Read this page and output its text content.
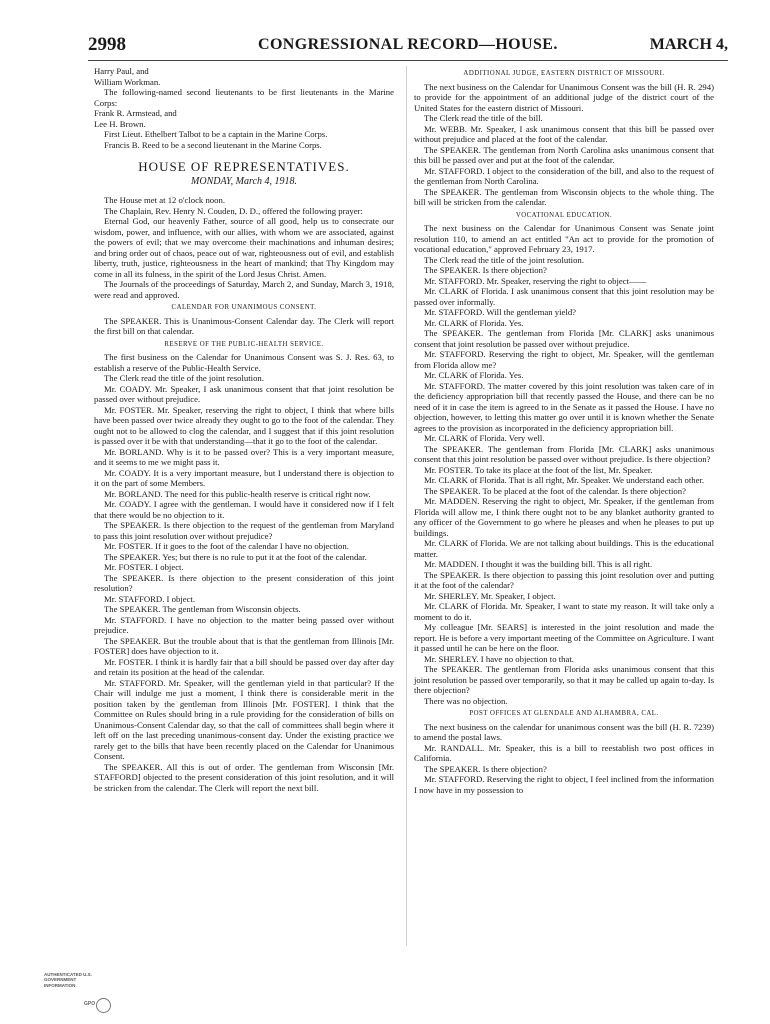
2998	CONGRESSIONAL RECORD—HOUSE.	MARCH 4,

Harry Paul, and

William Workman.

The following-named second lieutenants to be first lieutenants in the Marine Corps:

Frank R. Armstead, and

Lee H. Brown.

First Lieut. Ethelbert Talbot to be a captain in the Marine Corps.

Francis B. Reed to be a second lieutenant in the Marine Corps.

HOUSE OF REPRESENTATIVES.

MONDAY, March 4, 1918.

The House met at 12 o'clock noon.

The Chaplain, Rev. Henry N. Couden, D. D., offered the following prayer:

Eternal God, our heavenly Father, source of all good, help us to consecrate our wisdom, power, and influence, with our allies, with whom we are associated, against the powers of evil; that we may overcome their machinations and inhuman desires; and bring order out of chaos, peace out of war, righteousness out of evil, and establish liberty, truth, justice, righteousness in the heart of mankind; that Thy Kingdom may come in all its fulness, in the spirit of the Lord Jesus Christ. Amen.

The Journals of the proceedings of Saturday, March 2, and Sunday, March 3, 1918, were read and approved.

CALENDAR FOR UNANIMOUS CONSENT.

The SPEAKER. This is Unanimous-Consent Calendar day. The Clerk will report the first bill on that calendar.

RESERVE OF THE PUBLIC-HEALTH SERVICE.

The first business on the Calendar for Unanimous Consent was S. J. Res. 63, to establish a reserve of the Public-Health Service.

The Clerk read the title of the joint resolution.

Mr. COADY. Mr. Speaker, I ask unanimous consent that that joint resolution be passed over without prejudice.

Mr. FOSTER. Mr. Speaker, reserving the right to object, I think that where bills have been passed over twice already they ought to go to the foot of the calendar. They ought not to be allowed to clog the calendar, and I suggest that if this joint resolution is passed over it be with that understanding—that it go to the foot of the calendar.

Mr. BORLAND. Why is it to be passed over? This is a very important measure, and it seems to me we might pass it.

Mr. COADY. It is a very important measure, but I understand there is objection to it on the part of some Members.

Mr. BORLAND. The need for this public-health reserve is critical right now.

Mr. COADY. I agree with the gentleman. I would have it considered now if I felt that there would be no objection to it.

The SPEAKER. Is there objection to the request of the gentleman from Maryland to pass this joint resolution over without prejudice?

Mr. FOSTER. If it goes to the foot of the calendar I have no objection.

The SPEAKER. Yes; but there is no rule to put it at the foot of the calendar.

Mr. FOSTER. I object.

The SPEAKER. Is there objection to the present consideration of this joint resolution?

Mr. STAFFORD. I object.

The SPEAKER. The gentleman from Wisconsin objects.

Mr. STAFFORD. I have no objection to the matter being passed over without prejudice.

The SPEAKER. But the trouble about that is that the gentleman from Illinois [Mr. FOSTER] does have objection to it.

Mr. FOSTER. I think it is hardly fair that a bill should be passed over day after day and retain its position at the head of the calendar.

Mr. STAFFORD. Mr. Speaker, will the gentleman yield in that particular? If the Chair will indulge me just a moment, I think there is considerable merit in the position taken by the gentleman from Illinois [Mr. FOSTER]. I think that the Committee on Rules should bring in a rule providing for the consideration of bills on Unanimous-Consent Calendar day, so that the call of committees shall begin where it left off on the last preceding unanimous-consent day. Under the existing practice we rarely get to the bills that have been recently placed on the Calendar for Unanimous Consent.

The SPEAKER. All this is out of order. The gentleman from Wisconsin [Mr. STAFFORD] objected to the present consideration of this joint resolution, and it will be stricken from the calendar. The Clerk will report the next bill.

ADDITIONAL JUDGE, EASTERN DISTRICT OF MISSOURI.

The next business on the Calendar for Unanimous Consent was the bill (H. R. 294) to provide for the appointment of an additional judge of the district court of the United States for the eastern district of Missouri.

The Clerk read the title of the bill.

Mr. WEBB. Mr. Speaker, I ask unanimous consent that this bill be passed over without prejudice and placed at the foot of the calendar.

The SPEAKER. The gentleman from North Carolina asks unanimous consent that this bill be passed over and put at the foot of the calendar.

Mr. STAFFORD. I object to the consideration of the bill, and also to the request of the gentleman from North Carolina.

The SPEAKER. The gentleman from Wisconsin objects to the whole thing. The bill will be stricken from the calendar.

VOCATIONAL EDUCATION.

The next business on the Calendar for Unanimous Consent was Senate joint resolution 110, to amend an act entitled "An act to provide for the promotion of vocational education," approved February 23, 1917.

The Clerk read the title of the joint resolution.

The SPEAKER. Is there objection?

Mr. STAFFORD. Mr. Speaker, reserving the right to object——

Mr. CLARK of Florida. I ask unanimous consent that this joint resolution may be passed over informally.

Mr. STAFFORD. Will the gentleman yield?

Mr. CLARK of Florida. Yes.

The SPEAKER. The gentleman from Florida [Mr. CLARK] asks unanimous consent that joint resolution be passed over without prejudice.

Mr. STAFFORD. Reserving the right to object, Mr. Speaker, will the gentleman from Florida allow me?

Mr. CLARK of Florida. Yes.

Mr. STAFFORD. The matter covered by this joint resolution was taken care of in the deficiency appropriation bill that recently passed the House, and there can be no need of it in case the item is agreed to in the Senate as it passed the House. I have no objection, however, to letting this matter go over until it is known whether the Senate agrees to the provision as incorporated in the deficiency appropriation bill.

Mr. CLARK of Florida. Very well.

The SPEAKER. The gentleman from Florida [Mr. CLARK] asks unanimous consent that this joint resolution be passed over without prejudice. Is there objection?

Mr. FOSTER. To take its place at the foot of the list, Mr. Speaker.

Mr. CLARK of Florida. That is all right, Mr. Speaker. We understand each other.

The SPEAKER. To be placed at the foot of the calendar. Is there objection?

Mr. MADDEN. Reserving the right to object, Mr. Speaker, if the gentleman from Florida will allow me, I think there ought not to be any blanket authority granted to any officer of the Government to go where he pleases and when he pleases to put up buildings.

Mr. CLARK of Florida. We are not talking about buildings. This is the educational matter.

Mr. MADDEN. I thought it was the building bill. This is all right.

The SPEAKER. Is there objection to passing this joint resolution over and putting it at the foot of the calendar?

Mr. SHERLEY. Mr. Speaker, I object.

Mr. CLARK of Florida. Mr. Speaker, I want to state my reason. It will take only a moment to do it.

My colleague [Mr. SEARS] is interested in the joint resolution and made the report. He is before a very important meeting of the Committee on Agriculture. I want it passed until he can be here on the floor.

Mr. SHERLEY. I have no objection to that.

The SPEAKER. The gentleman from Florida asks unanimous consent that this joint resolution be passed over temporarily, so that it may be called up again to-day. Is there objection?

There was no objection.

POST OFFICES AT GLENDALE AND ALHAMBRA, CAL.

The next business on the calendar for unanimous consent was the bill (H. R. 7239) to amend the postal laws.

Mr. RANDALL. Mr. Speaker, this is a bill to reestablish two post offices in California.

The SPEAKER. Is there objection?

Mr. STAFFORD. Reserving the right to object, I feel inclined from the information I now have in my possession to

AUTHENTICATED U.S. GOVERNMENT INFORMATION
GPO
